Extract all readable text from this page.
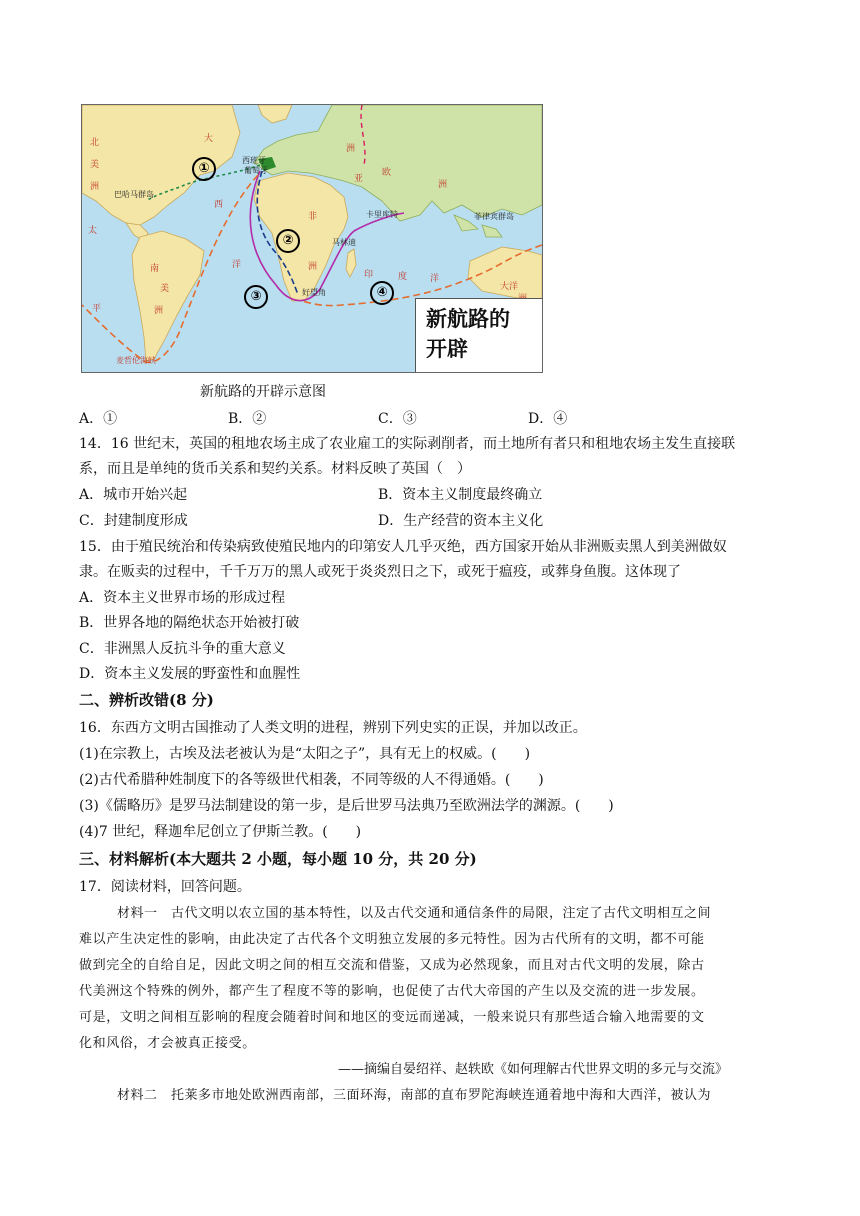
北
美
洲
大
西
洋
欧
洲
亚
洲
非
洲
南
美
洲
印	度	洋
太
平
大洋
西班牙
葡萄牙
巴哈马群岛
马林迪
卡里库特	菲律宾群岛
好望角
麦哲伦海峡
①
②
③	④
新航路的
开辟
新航路的开辟示意图
A．①	B．②	C．③	D．④
14．16 世纪末，英国的租地农场主成了农业雇工的实际剥削者，而土地所有者只和租地农场主发生直接联
系，而且是单纯的货币关系和契约关系。材料反映了英国（　）
A．城市开始兴起	B．资本主义制度最终确立
C．封建制度形成	D．生产经营的资本主义化
15．由于殖民统治和传染病致使殖民地内的印第安人几乎灭绝，西方国家开始从非洲贩卖黑人到美洲做奴
隶。在贩卖的过程中，千千万万的黑人或死于炎炎烈日之下，或死于瘟疫，或葬身鱼腹。这体现了
A．资本主义世界市场的形成过程
B．世界各地的隔绝状态开始被打破
C．非洲黑人反抗斗争的重大意义
D．资本主义发展的野蛮性和血腥性
二、辨析改错(8 分)
16．东西方文明古国推动了人类文明的进程，辨别下列史实的正误，并加以改正。
(1)在宗教上，古埃及法老被认为是“太阳之子”，具有无上的权威。(　　)
(2)古代希腊种姓制度下的各等级世代相袭，不同等级的人不得通婚。(　　)
(3)《儒略历》是罗马法制建设的第一步，是后世罗马法典乃至欧洲法学的渊源。(　　)
(4)7 世纪，释迦牟尼创立了伊斯兰教。(　　)
三、材料解析(本大题共 2 小题，每小题 10 分，共 20 分)
17．阅读材料，回答问题。
材料一　古代文明以农立国的基本特性，以及古代交通和通信条件的局限，注定了古代文明相互之间
难以产生决定性的影响，由此决定了古代各个文明独立发展的多元特性。因为古代所有的文明，都不可能
做到完全的自给自足，因此文明之间的相互交流和借鉴，又成为必然现象，而且对古代文明的发展，除古
代美洲这个特殊的例外，都产生了程度不等的影响，也促使了古代大帝国的产生以及交流的进一步发展。
可是，文明之间相互影响的程度会随着时间和地区的变远而递减，一般来说只有那些适合输入地需要的文
化和风俗，才会被真正接受。
——摘编自晏绍祥、赵轶欧《如何理解古代世界文明的多元与交流》
材料二　托莱多市地处欧洲西南部，三面环海，南部的直布罗陀海峡连通着地中海和大西洋，被认为
